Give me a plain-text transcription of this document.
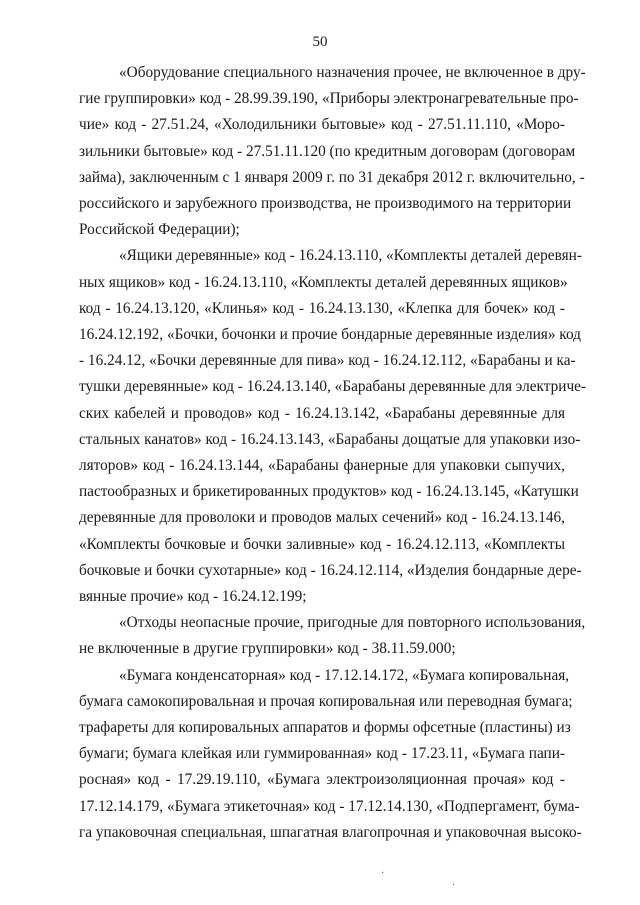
50
«Оборудование специального назначения прочее, не включенное в дру-
гие группировки» код - 28.99.39.190, «Приборы электронагревательные про-
чие» код - 27.51.24, «Холодильники бытовые» код - 27.51.11.110, «Моро-
зильники бытовые» код - 27.51.11.120 (по кредитным договорам (договорам
займа), заключенным с 1 января 2009 г. по 31 декабря 2012 г. включительно, -
российского и зарубежного производства, не производимого на территории
Российской Федерации);
«Ящики деревянные» код - 16.24.13.110, «Комплекты деталей деревян-
ных ящиков» код - 16.24.13.110, «Комплекты деталей деревянных ящиков»
код - 16.24.13.120, «Клинья» код - 16.24.13.130, «Клепка для бочек» код -
16.24.12.192, «Бочки, бочонки и прочие бондарные деревянные изделия» код
- 16.24.12, «Бочки деревянные для пива» код - 16.24.12.112, «Барабаны и ка-
тушки деревянные» код - 16.24.13.140, «Барабаны деревянные для электриче-
ских кабелей и проводов» код - 16.24.13.142, «Барабаны деревянные для
стальных канатов» код - 16.24.13.143, «Барабаны дощатые для упаковки изо-
ляторов» код - 16.24.13.144, «Барабаны фанерные для упаковки сыпучих,
пастообразных и брикетированных продуктов» код - 16.24.13.145, «Катушки
деревянные для проволоки и проводов малых сечений» код - 16.24.13.146,
«Комплекты бочковые и бочки заливные» код - 16.24.12.113, «Комплекты
бочковые и бочки сухотарные» код - 16.24.12.114, «Изделия бондарные дере-
вянные прочие» код - 16.24.12.199;
«Отходы неопасные прочие, пригодные для повторного использования,
не включенные в другие группировки» код - 38.11.59.000;
«Бумага конденсаторная» код - 17.12.14.172, «Бумага копировальная,
бумага самокопировальная и прочая копировальная или переводная бумага;
трафареты для копировальных аппаратов и формы офсетные (пластины) из
бумаги; бумага клейкая или гуммированная» код - 17.23.11, «Бумага папи-
росная» код - 17.29.19.110, «Бумага электроизоляционная прочая» код -
17.12.14.179, «Бумага этикеточная» код - 17.12.14.130, «Подпергамент, бума-
га упаковочная специальная, шпагатная влагопрочная и упаковочная высоко-
·
·
